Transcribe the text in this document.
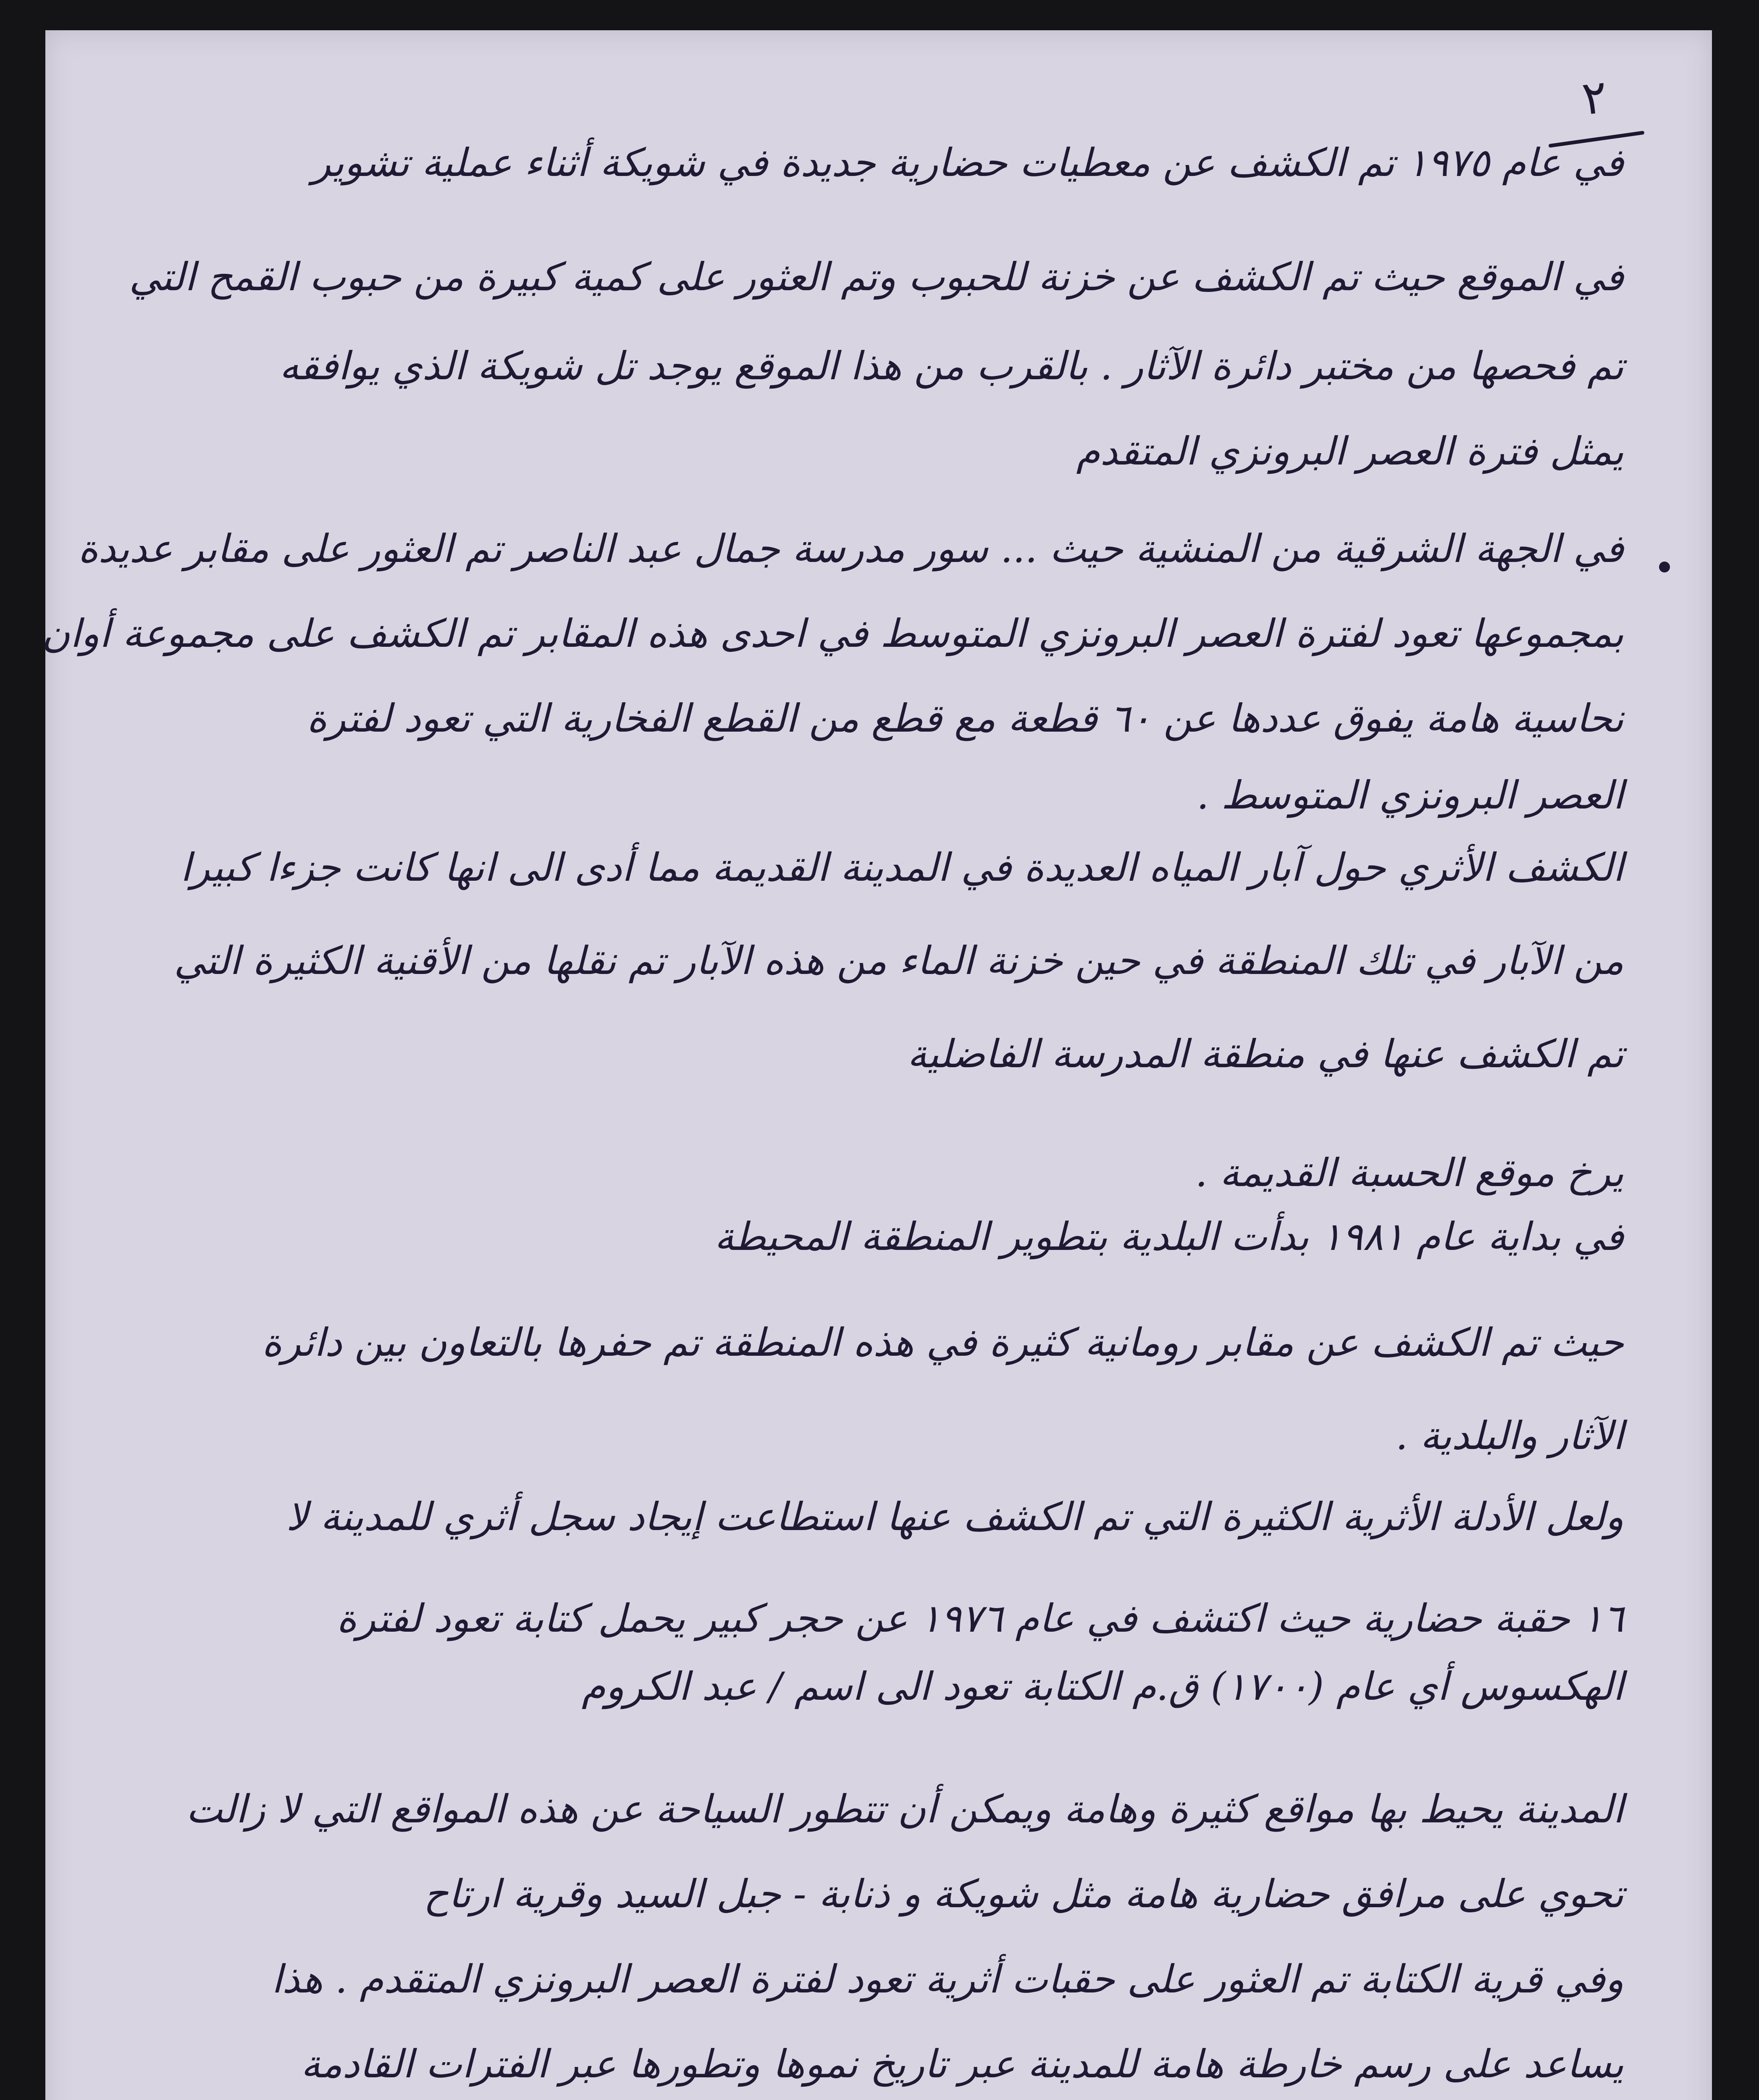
٢
في عام ١٩٧٥ تم الكشف عن معطيات حضارية جديدة في شويكة أثناء عملية تشوير
في الموقع حيث تم الكشف عن خزنة للحبوب وتم العثور على كمية كبيرة من حبوب القمح التي
تم فحصها من مختبر دائرة الآثار . بالقرب من هذا الموقع يوجد تل شويكة الذي يوافقه
يمثل فترة العصر البرونزي المتقدم
في الجهة الشرقية من المنشية حيث ... سور مدرسة جمال عبد الناصر تم العثور على مقابر عديدة
بمجموعها تعود لفترة العصر البرونزي المتوسط في احدى هذه المقابر تم الكشف على مجموعة أوان
نحاسية هامة يفوق عددها عن ٦٠ قطعة مع قطع من القطع الفخارية التي تعود لفترة
العصر البرونزي المتوسط .
الكشف الأثري حول آبار المياه العديدة في المدينة القديمة مما أدى الى انها كانت جزءا كبيرا
من الآبار في تلك المنطقة في حين خزنة الماء من هذه الآبار تم نقلها من الأقنية الكثيرة التي
تم الكشف عنها في منطقة المدرسة الفاضلية
يرخ موقع الحسبة القديمة .
في بداية عام ١٩٨١ بدأت البلدية بتطوير المنطقة المحيطة
حيث تم الكشف عن مقابر رومانية كثيرة في هذه المنطقة تم حفرها بالتعاون بين دائرة
الآثار والبلدية .
ولعل الأدلة الأثرية الكثيرة التي تم الكشف عنها استطاعت إيجاد سجل أثري للمدينة لا
١٦ حقبة حضارية حيث اكتشف في عام ١٩٧٦ عن حجر كبير يحمل كتابة تعود لفترة
الهكسوس أي عام (١٧٠٠) ق.م الكتابة تعود الى اسم / عبد الكروم
المدينة يحيط بها مواقع كثيرة وهامة ويمكن أن تتطور السياحة عن هذه المواقع التي لا زالت
تحوي على مرافق حضارية هامة مثل شويكة و ذنابة - جبل السيد وقرية ارتاح
وفي قرية الكتابة تم العثور على حقبات أثرية تعود لفترة العصر البرونزي المتقدم . هذا
يساعد على رسم خارطة هامة للمدينة عبر تاريخ نموها وتطورها عبر الفترات القادمة
